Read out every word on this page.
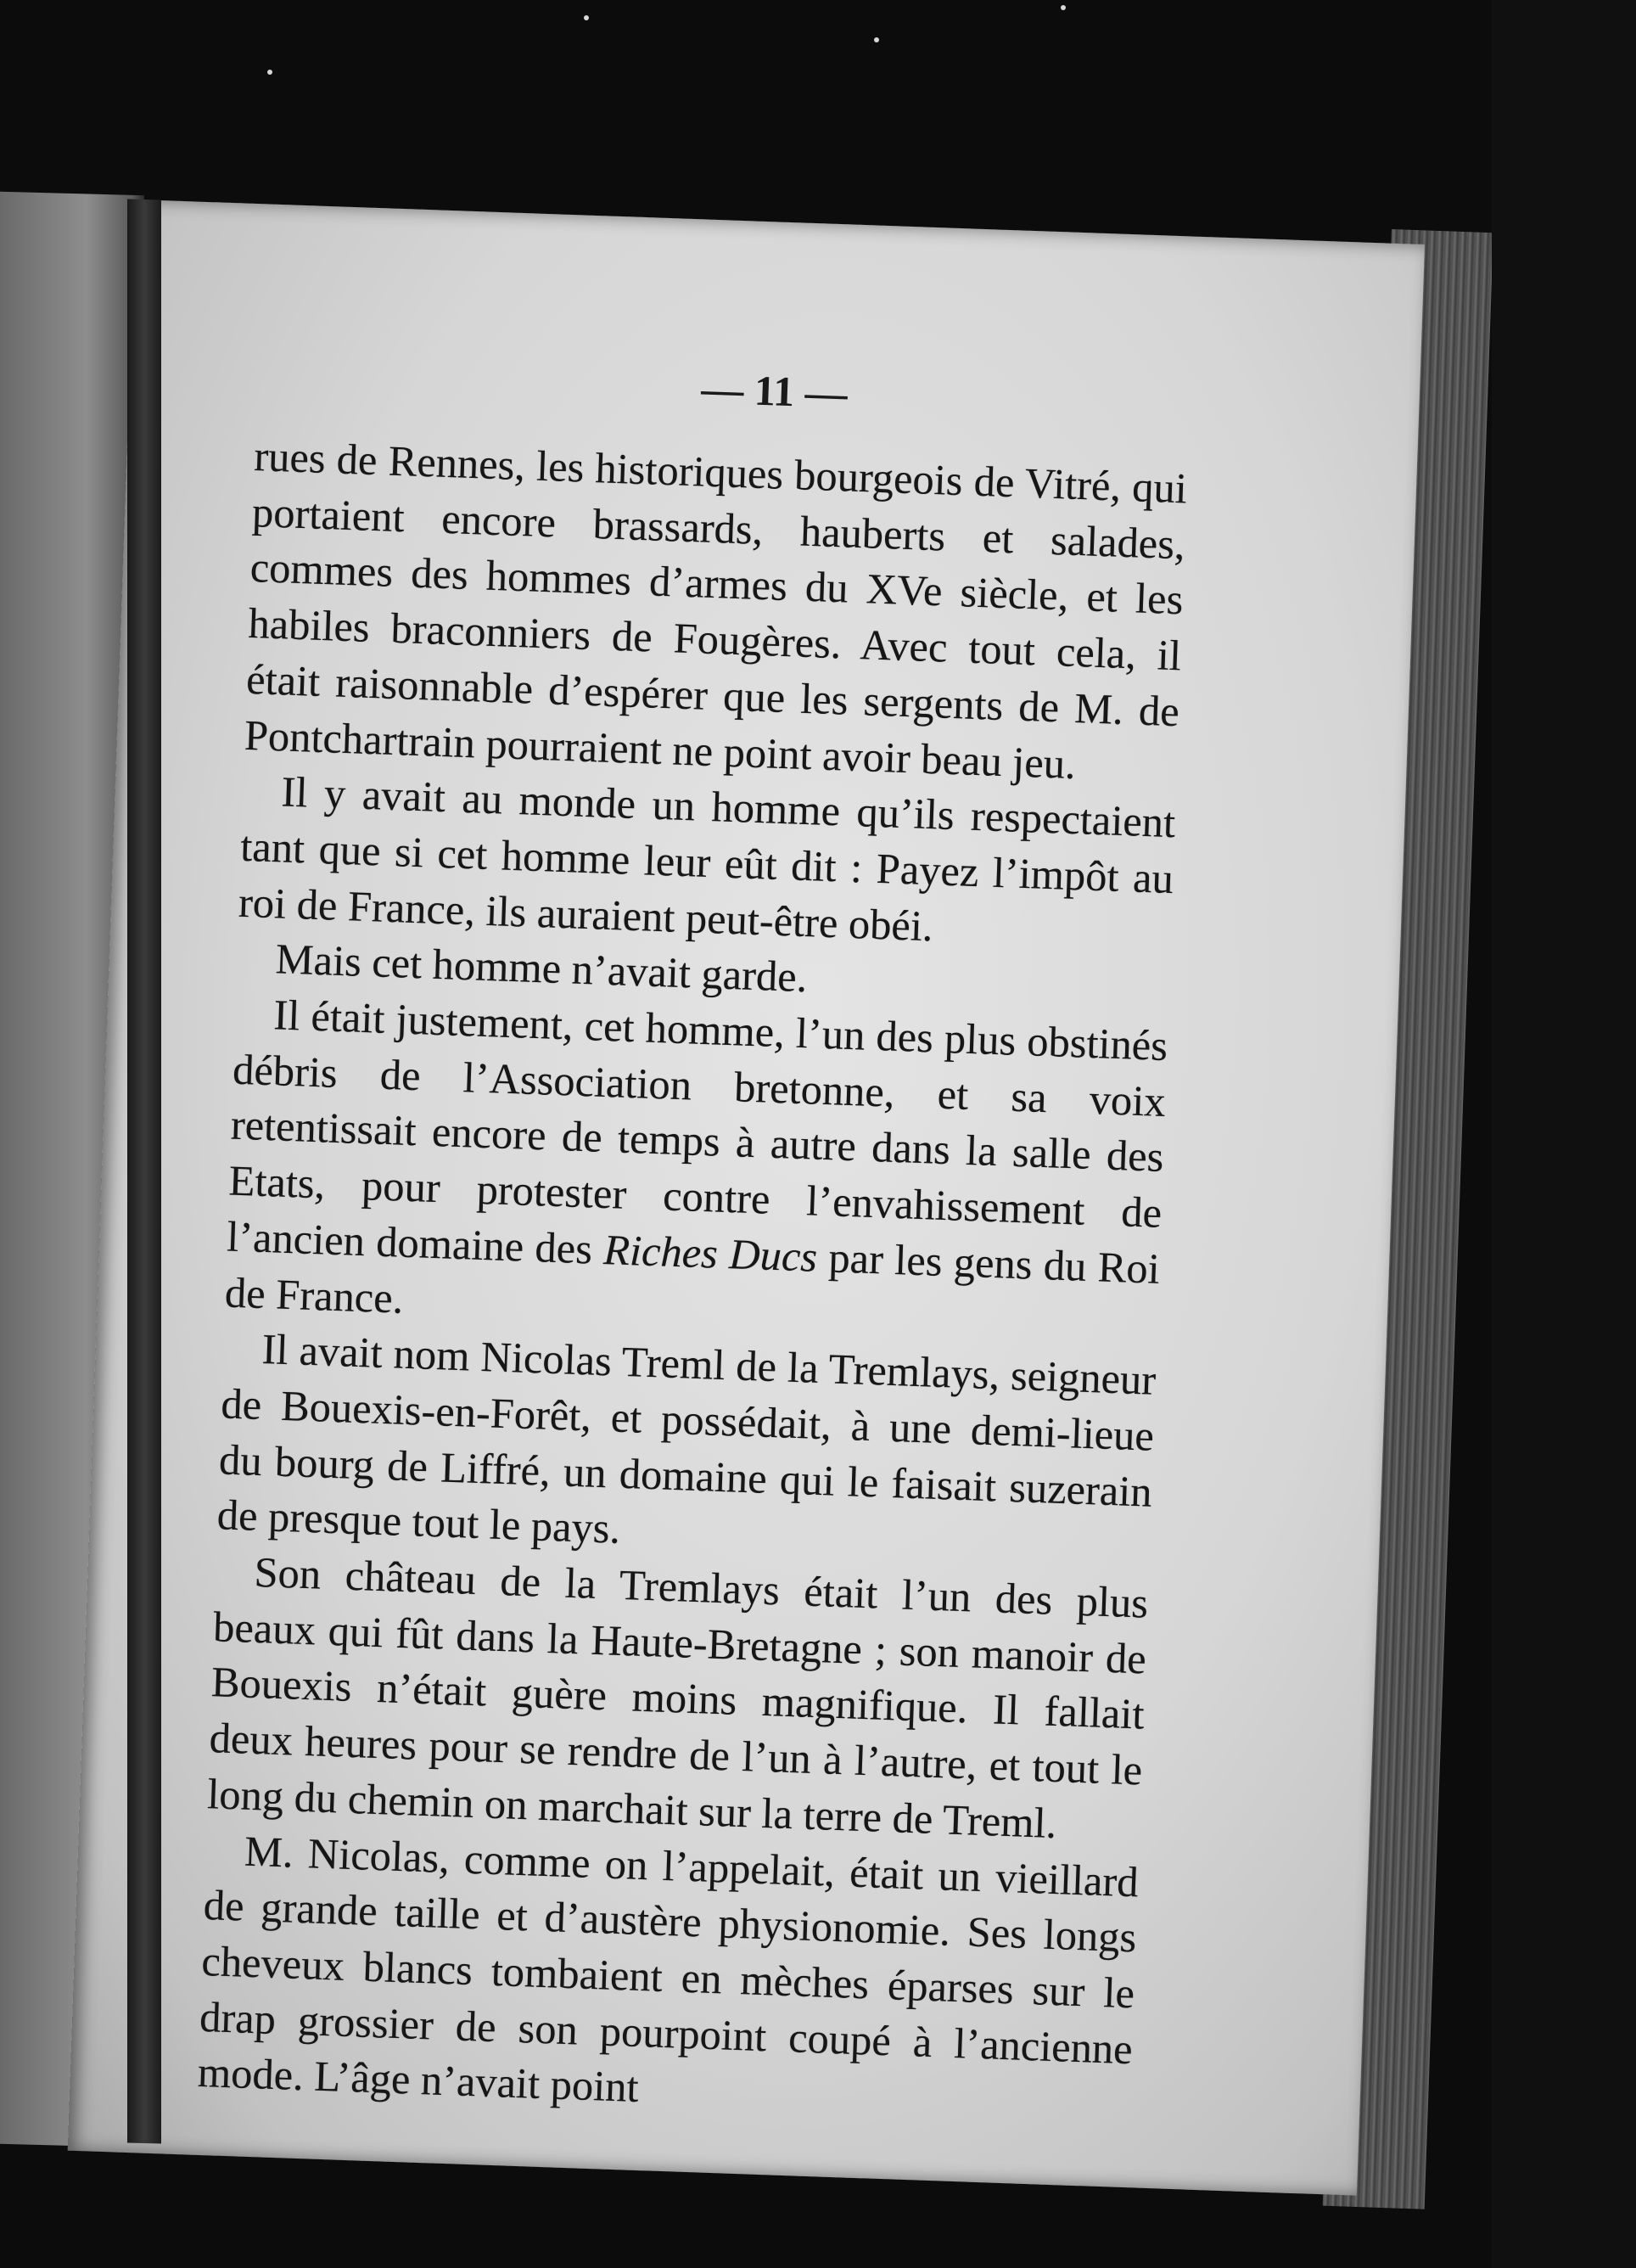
— 11 —

rues de Rennes, les historiques bourgeois de Vitré, qui portaient encore brassards, hauberts et salades, commes des hommes d’armes du XVe siècle, et les habiles braconniers de Fougères. Avec tout cela, il était raisonnable d’espérer que les sergents de M. de Pontchartrain pourraient ne point avoir beau jeu.

Il y avait au monde un homme qu’ils respectaient tant que si cet homme leur eût dit : Payez l’impôt au roi de France, ils auraient peut-être obéi.

Mais cet homme n’avait garde.

Il était justement, cet homme, l’un des plus obstinés débris de l’Association bretonne, et sa voix retentissait encore de temps à autre dans la salle des Etats, pour protester contre l’envahissement de l’ancien domaine des Riches Ducs par les gens du Roi de France.

Il avait nom Nicolas Treml de la Tremlays, seigneur de Bouexis-en-Forêt, et possédait, à une demi-lieue du bourg de Liffré, un domaine qui le faisait suzerain de presque tout le pays.

Son château de la Tremlays était l’un des plus beaux qui fût dans la Haute-Bretagne ; son manoir de Bouexis n’était guère moins magnifique. Il fallait deux heures pour se rendre de l’un à l’autre, et tout le long du chemin on marchait sur la terre de Treml.

M. Nicolas, comme on l’appelait, était un vieillard de grande taille et d’austère physionomie. Ses longs cheveux blancs tombaient en mèches éparses sur le drap grossier de son pourpoint coupé à l’ancienne mode. L’âge n’avait point
